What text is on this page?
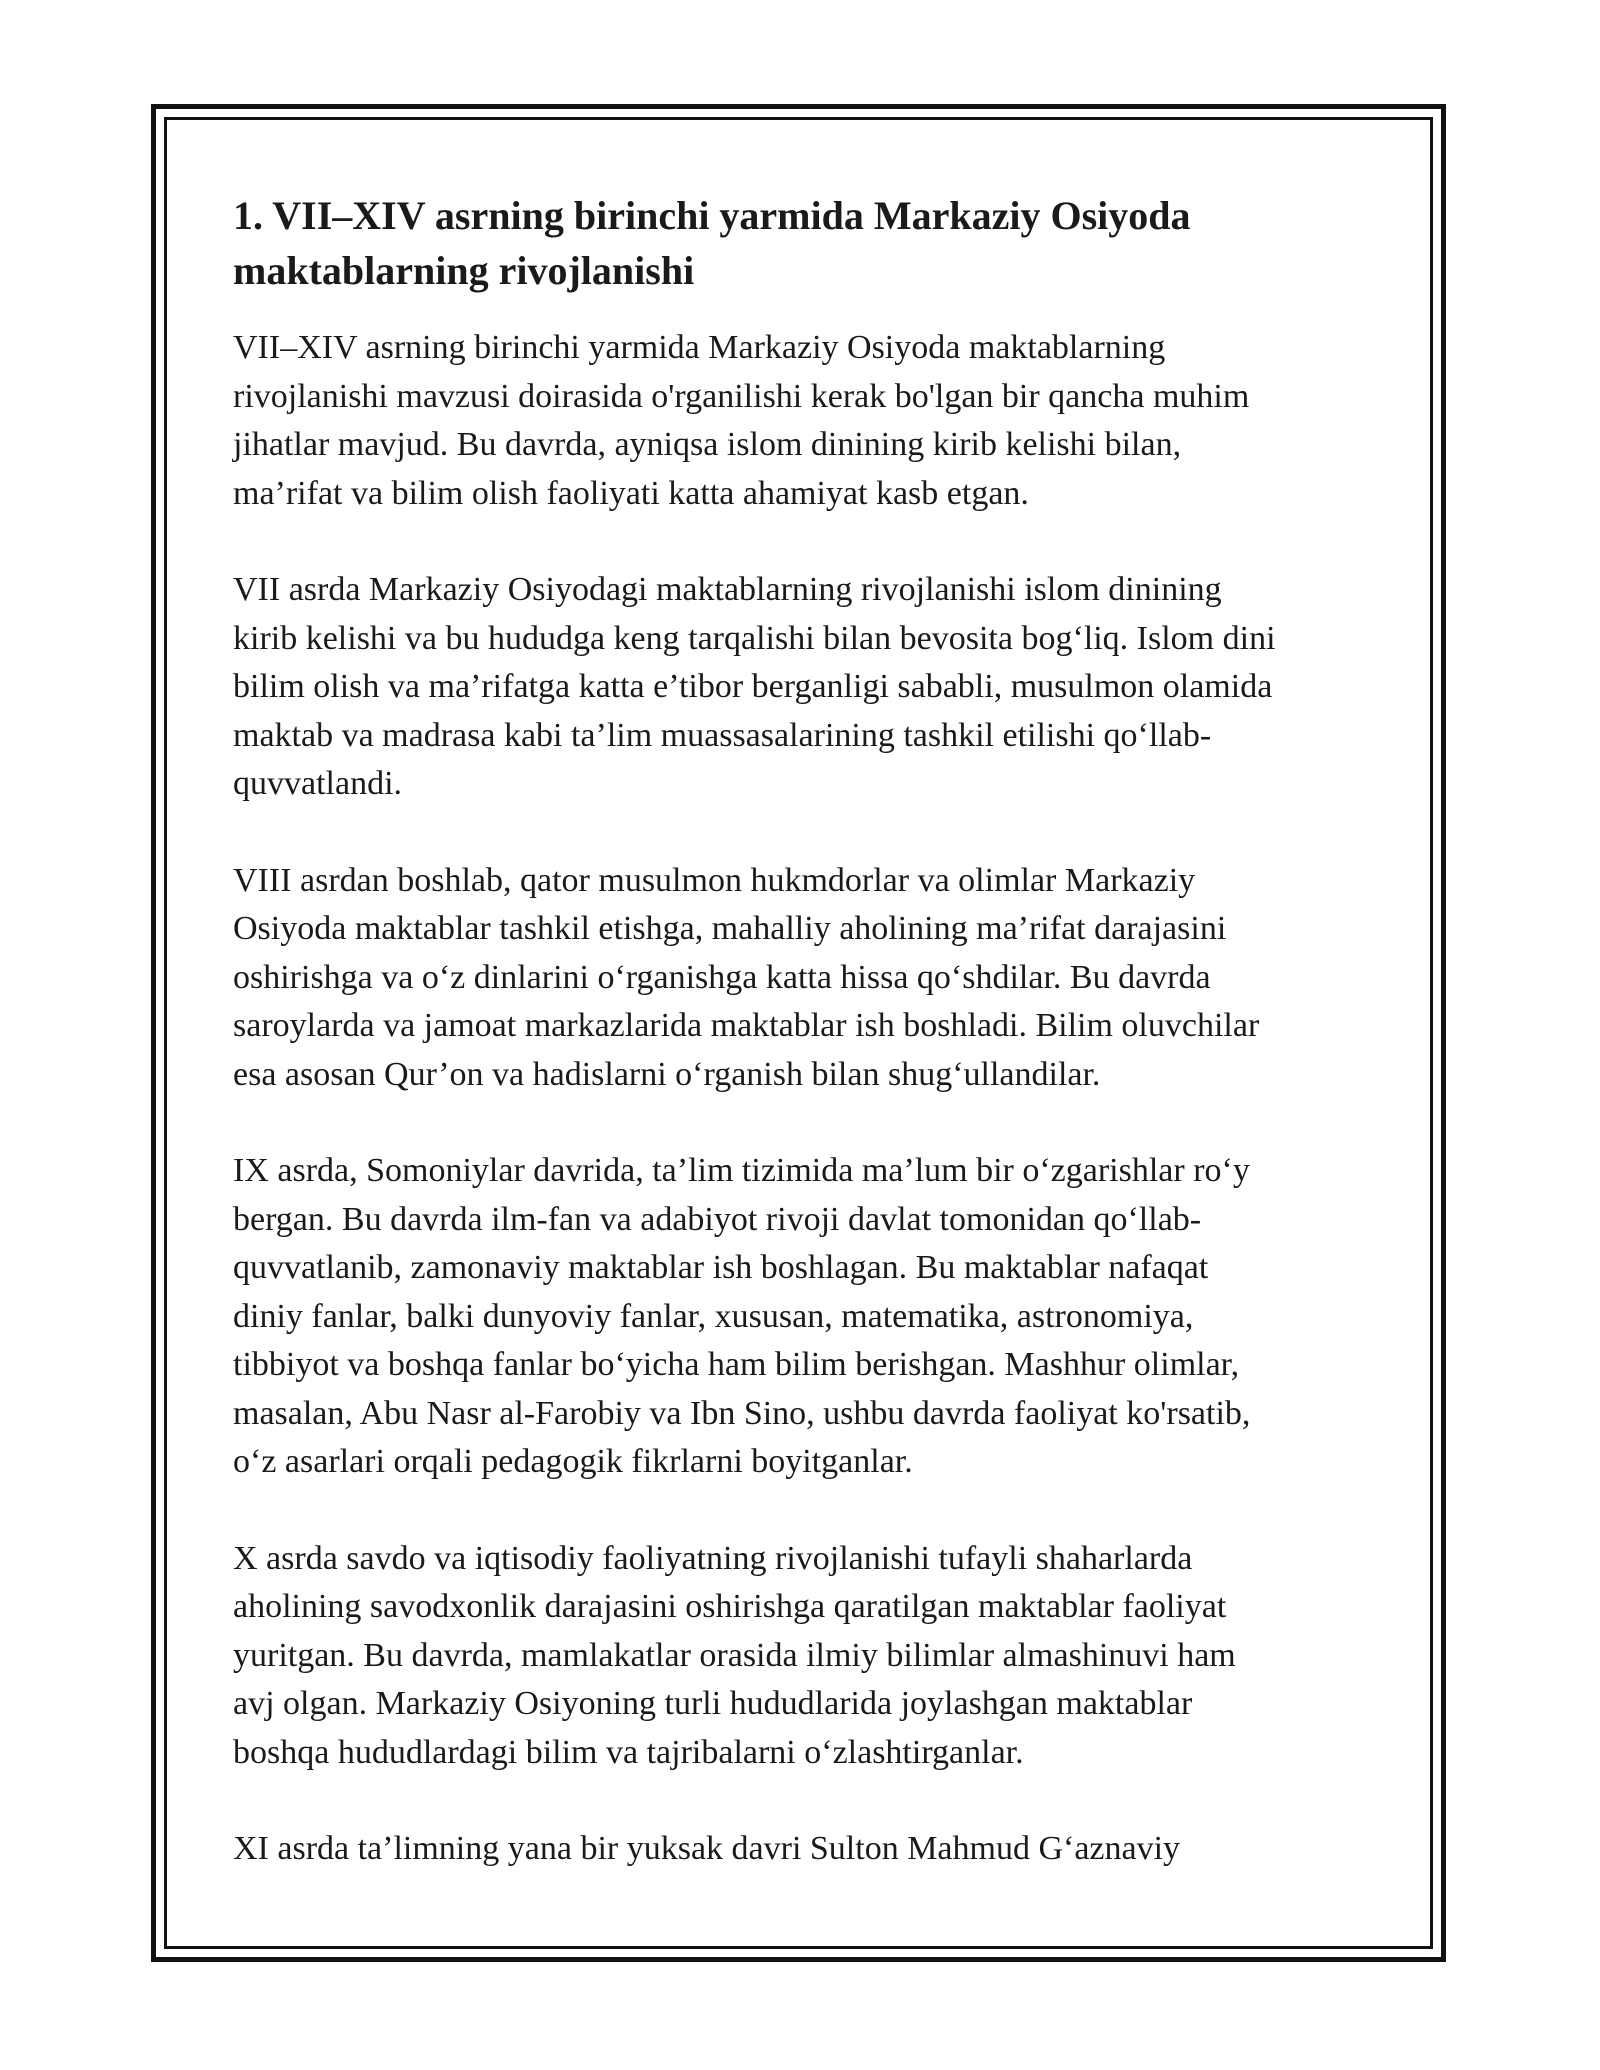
1. VII–XIV asrning birinchi yarmida Markaziy Osiyoda
maktablarning rivojlanishi

VII–XIV asrning birinchi yarmida Markaziy Osiyoda maktablarning
rivojlanishi mavzusi doirasida o'rganilishi kerak bo'lgan bir qancha muhim
jihatlar mavjud. Bu davrda, ayniqsa islom dinining kirib kelishi bilan,
ma’rifat va bilim olish faoliyati katta ahamiyat kasb etgan.

VII asrda Markaziy Osiyodagi maktablarning rivojlanishi islom dinining
kirib kelishi va bu hududga keng tarqalishi bilan bevosita bog‘liq. Islom dini
bilim olish va ma’rifatga katta e’tibor berganligi sababli, musulmon olamida
maktab va madrasa kabi ta’lim muassasalarining tashkil etilishi qo‘llab-
quvvatlandi.

VIII asrdan boshlab, qator musulmon hukmdorlar va olimlar Markaziy
Osiyoda maktablar tashkil etishga, mahalliy aholining ma’rifat darajasini
oshirishga va o‘z dinlarini o‘rganishga katta hissa qo‘shdilar. Bu davrda
saroylarda va jamoat markazlarida maktablar ish boshladi. Bilim oluvchilar
esa asosan Qur’on va hadislarni o‘rganish bilan shug‘ullandilar.

IX asrda, Somoniylar davrida, ta’lim tizimida ma’lum bir o‘zgarishlar ro‘y
bergan. Bu davrda ilm-fan va adabiyot rivoji davlat tomonidan qo‘llab-
quvvatlanib, zamonaviy maktablar ish boshlagan. Bu maktablar nafaqat
diniy fanlar, balki dunyoviy fanlar, xususan, matematika, astronomiya,
tibbiyot va boshqa fanlar bo‘yicha ham bilim berishgan. Mashhur olimlar,
masalan, Abu Nasr al-Farobiy va Ibn Sino, ushbu davrda faoliyat ko'rsatib,
o‘z asarlari orqali pedagogik fikrlarni boyitganlar.

X asrda savdo va iqtisodiy faoliyatning rivojlanishi tufayli shaharlarda
aholining savodxonlik darajasini oshirishga qaratilgan maktablar faoliyat
yuritgan. Bu davrda, mamlakatlar orasida ilmiy bilimlar almashinuvi ham
avj olgan. Markaziy Osiyoning turli hududlarida joylashgan maktablar
boshqa hududlardagi bilim va tajribalarni o‘zlashtirganlar.

XI asrda ta’limning yana bir yuksak davri Sulton Mahmud G‘aznaviy
